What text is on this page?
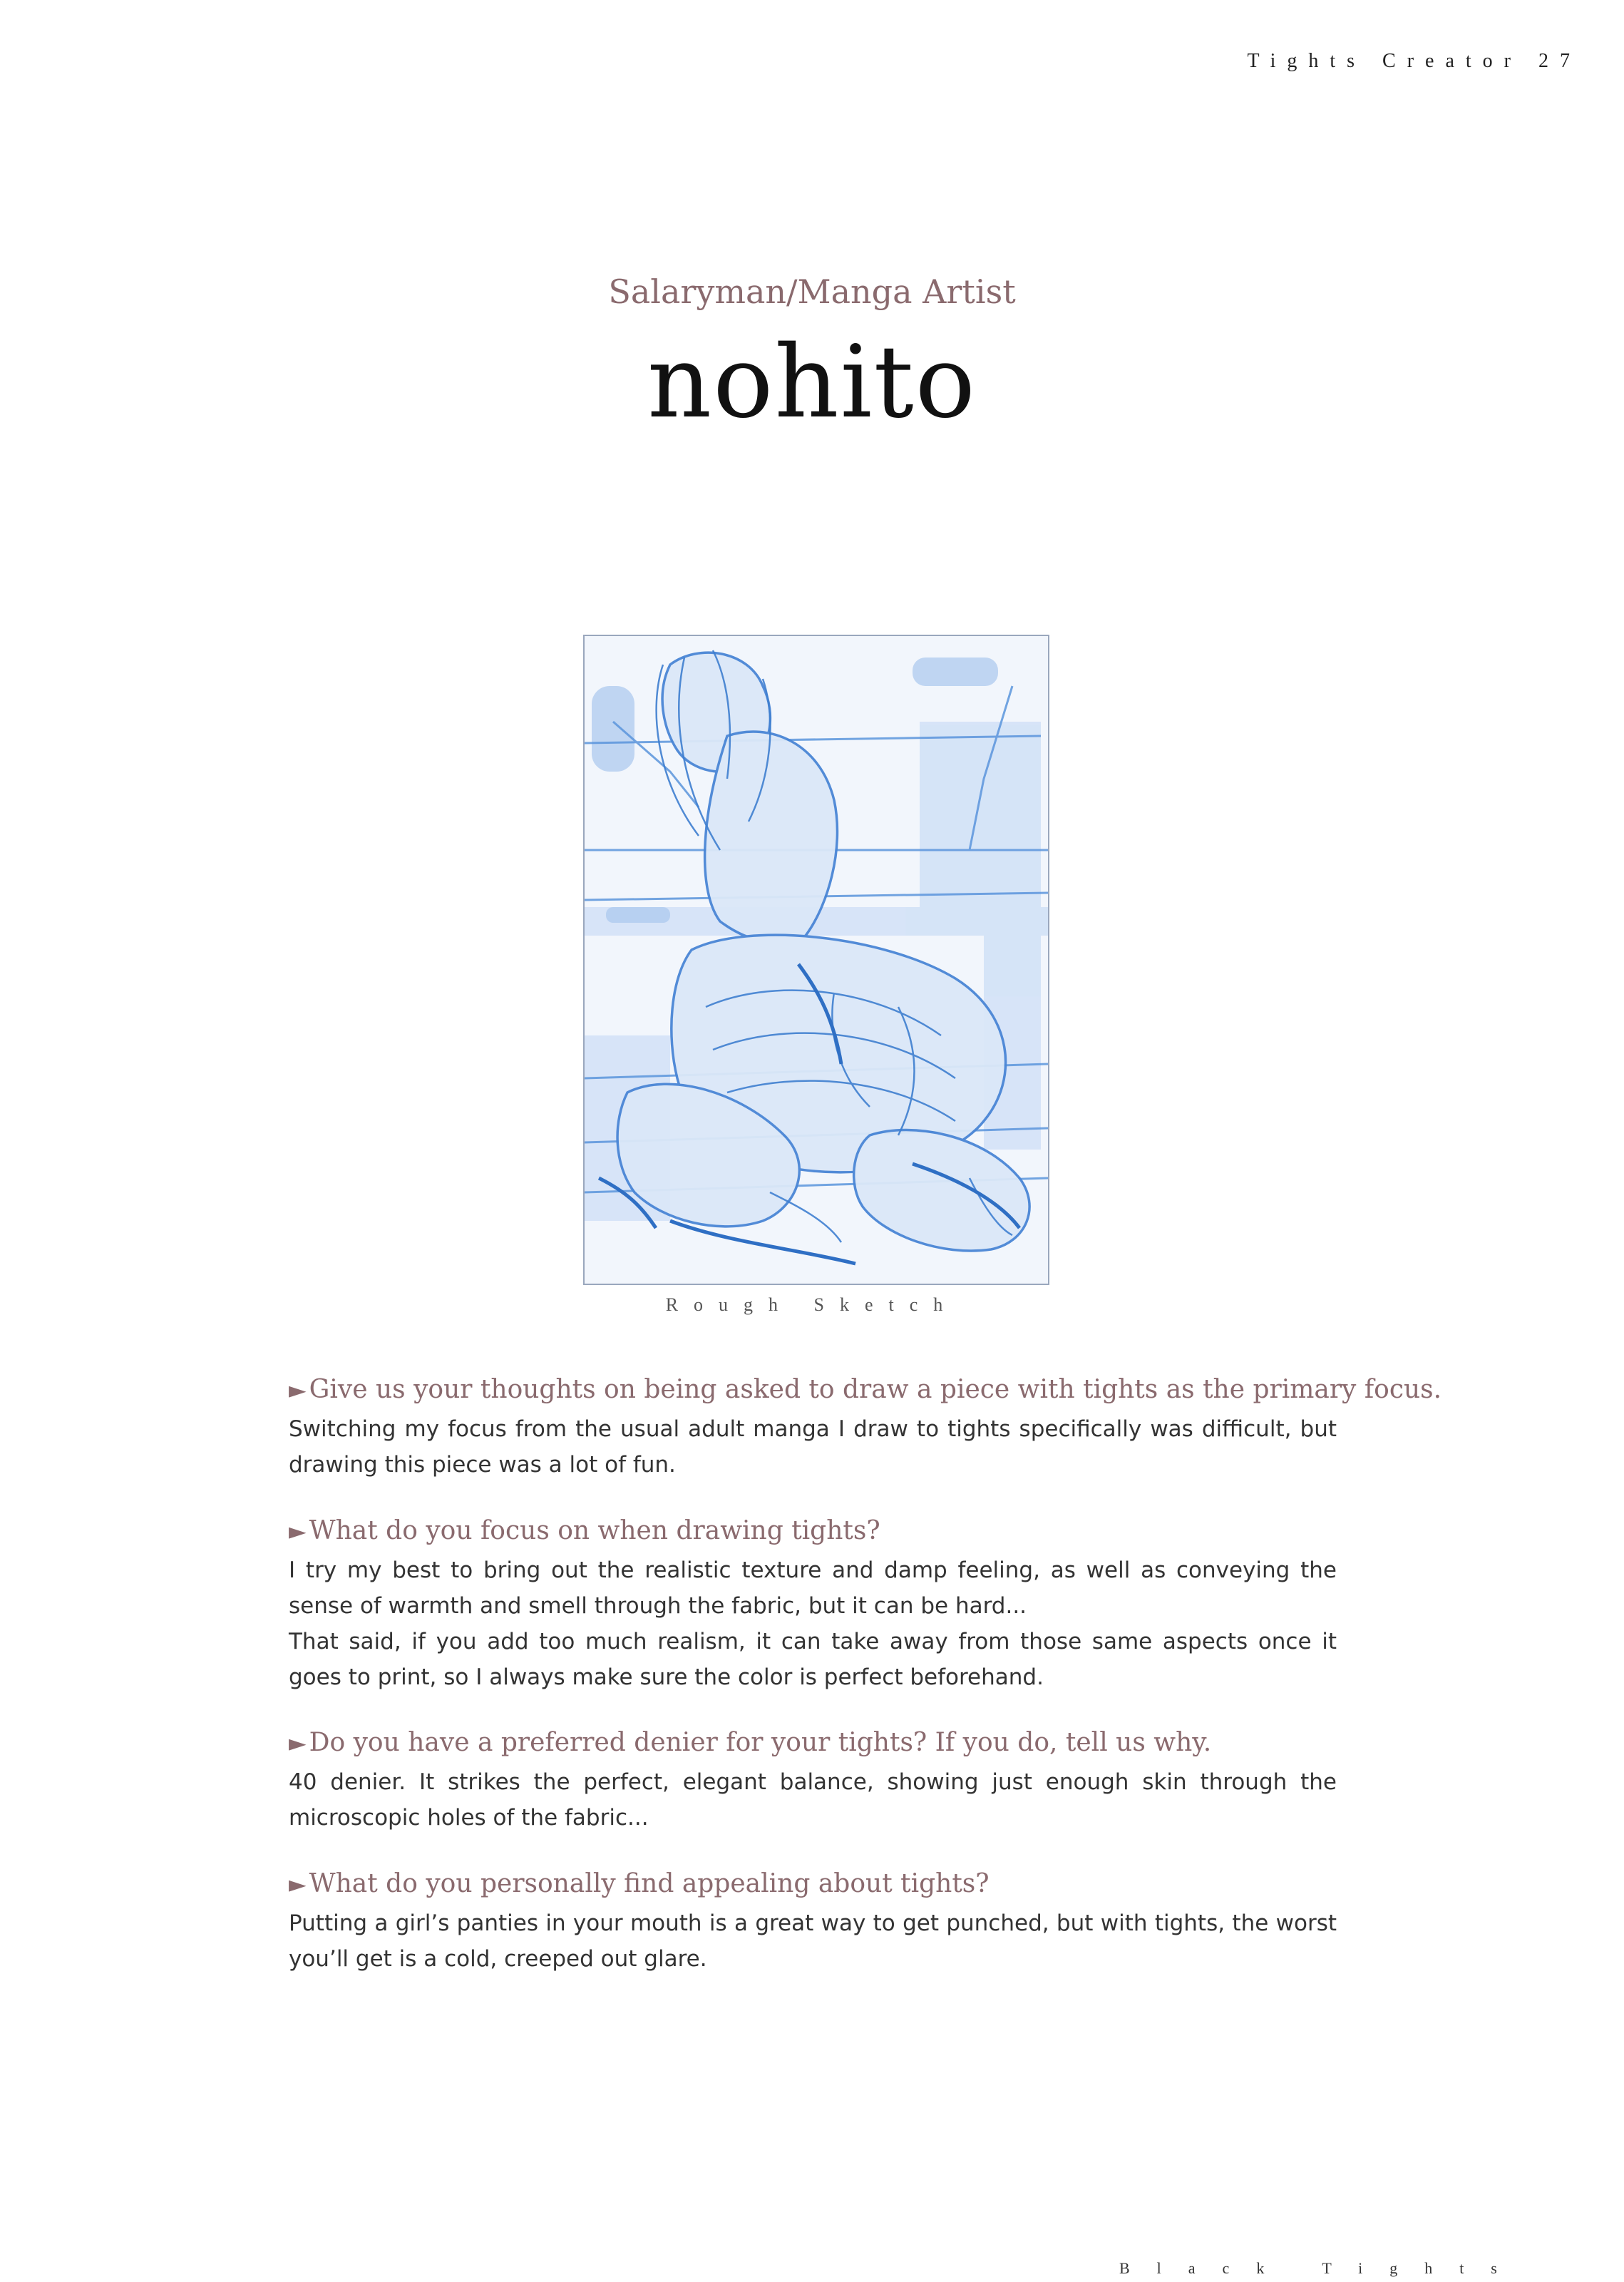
Tights Creator 27
Salaryman/Manga Artist
nohito
Rough Sketch

► Give us your thoughts on being asked to draw a piece with tights as the primary focus.

Switching my focus from the usual adult manga I draw to tights specifically was difficult, but drawing this piece was a lot of fun.

► What do you focus on when drawing tights?

I try my best to bring out the realistic texture and damp feeling, as well as conveying the sense of warmth and smell through the fabric, but it can be hard...

That said, if you add too much realism, it can take away from those same aspects once it goes to print, so I always make sure the color is perfect beforehand.

► Do you have a preferred denier for your tights? If you do, tell us why.

40 denier. It strikes the perfect, elegant balance, showing just enough skin through the microscopic holes of the fabric...

► What do you personally find appealing about tights?

Putting a girl’s panties in your mouth is a great way to get punched, but with tights, the worst you’ll get is a cold, creeped out glare.

Black Tights
